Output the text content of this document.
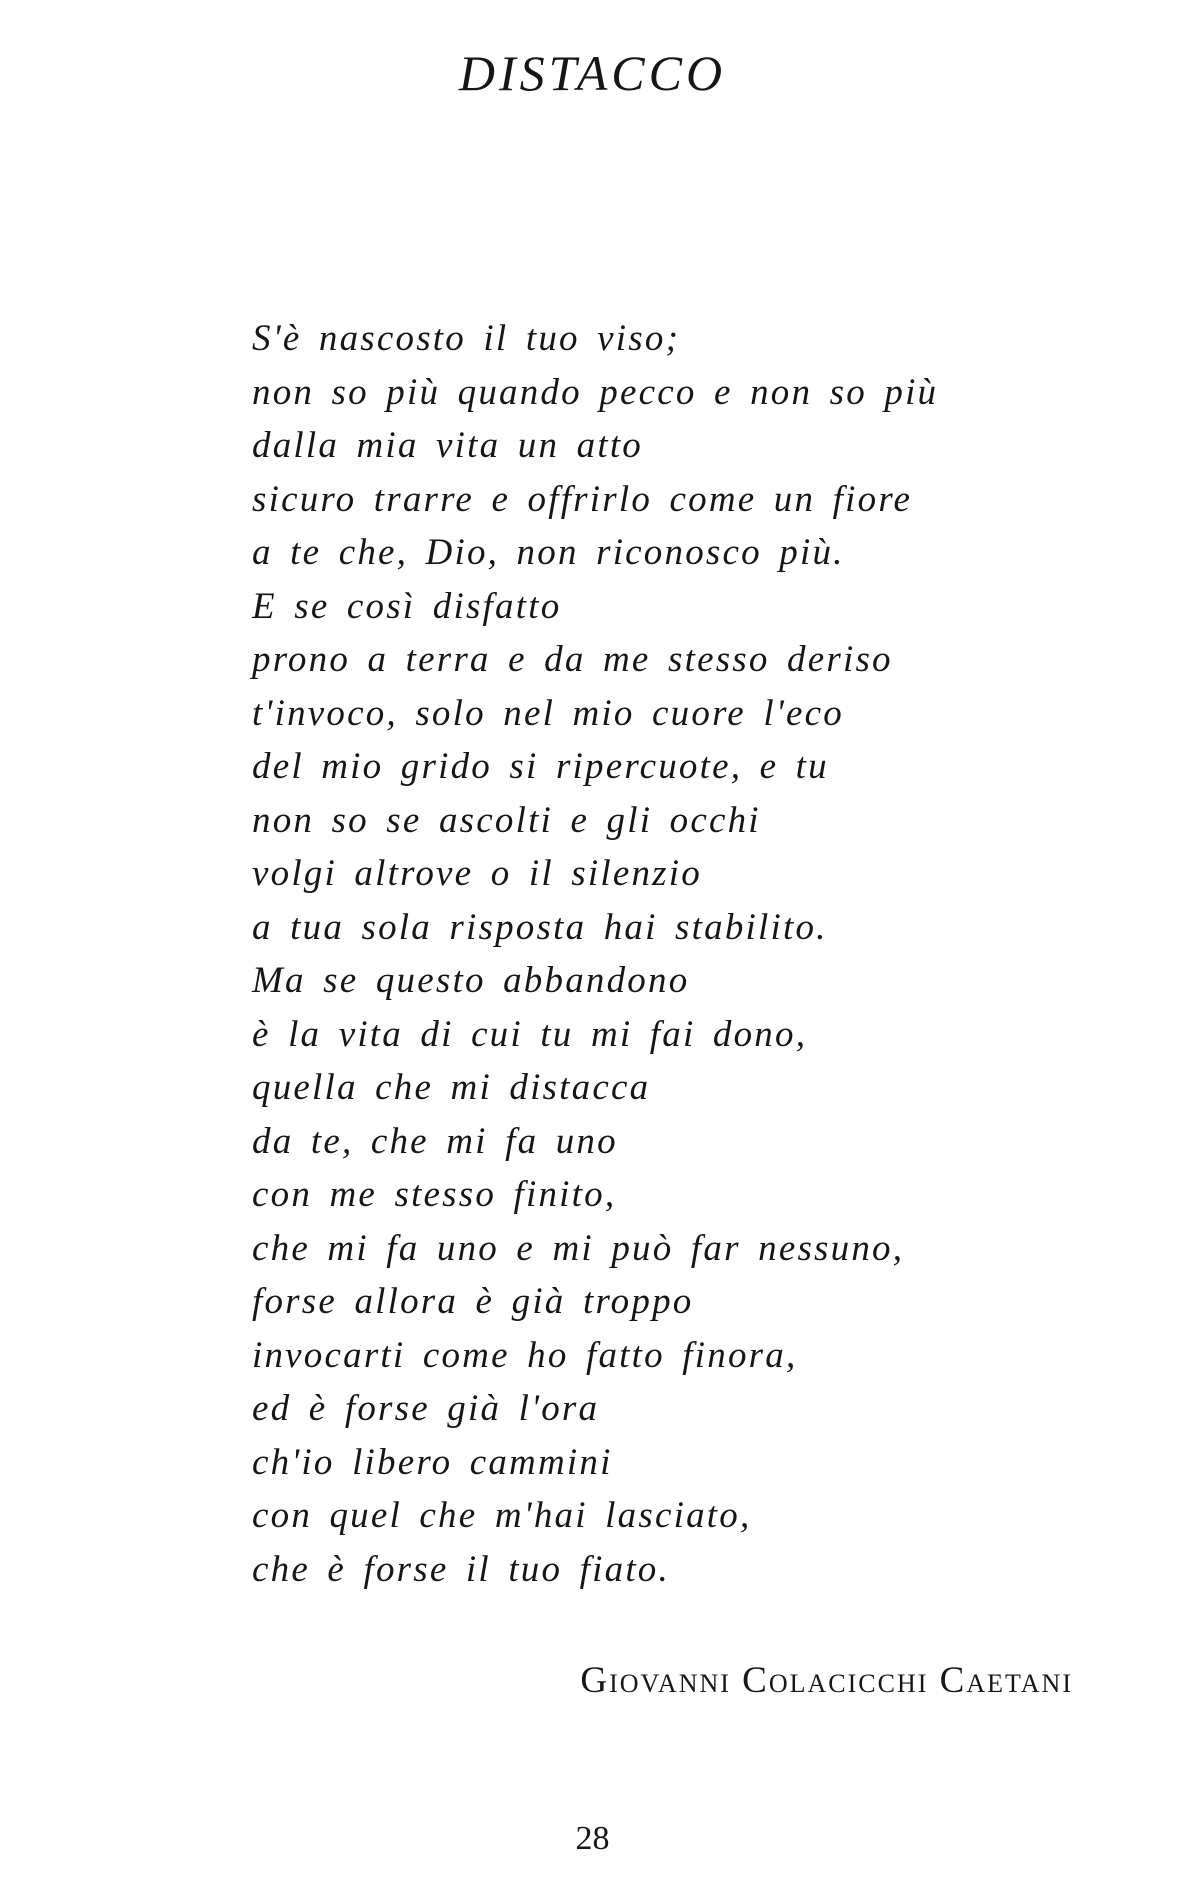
DISTACCO
S'è nascosto il tuo viso;
non so più quando pecco e non so più
dalla mia vita un atto
sicuro trarre e offrirlo come un fiore
a te che, Dio, non riconosco più.
E se così disfatto
prono a terra e da me stesso deriso
t'invoco, solo nel mio cuore l'eco
del mio grido si ripercuote, e tu
non so se ascolti e gli occhi
volgi altrove o il silenzio
a tua sola risposta hai stabilito.
Ma se questo abbandono
è la vita di cui tu mi fai dono,
quella che mi distacca
da te, che mi fa uno
con me stesso finito,
che mi fa uno e mi può far nessuno,
forse allora è già troppo
invocarti come ho fatto finora,
ed è forse già l'ora
ch'io libero cammini
con quel che m'hai lasciato,
che è forse il tuo fiato.

Giovanni Colacicchi Caetani

28
